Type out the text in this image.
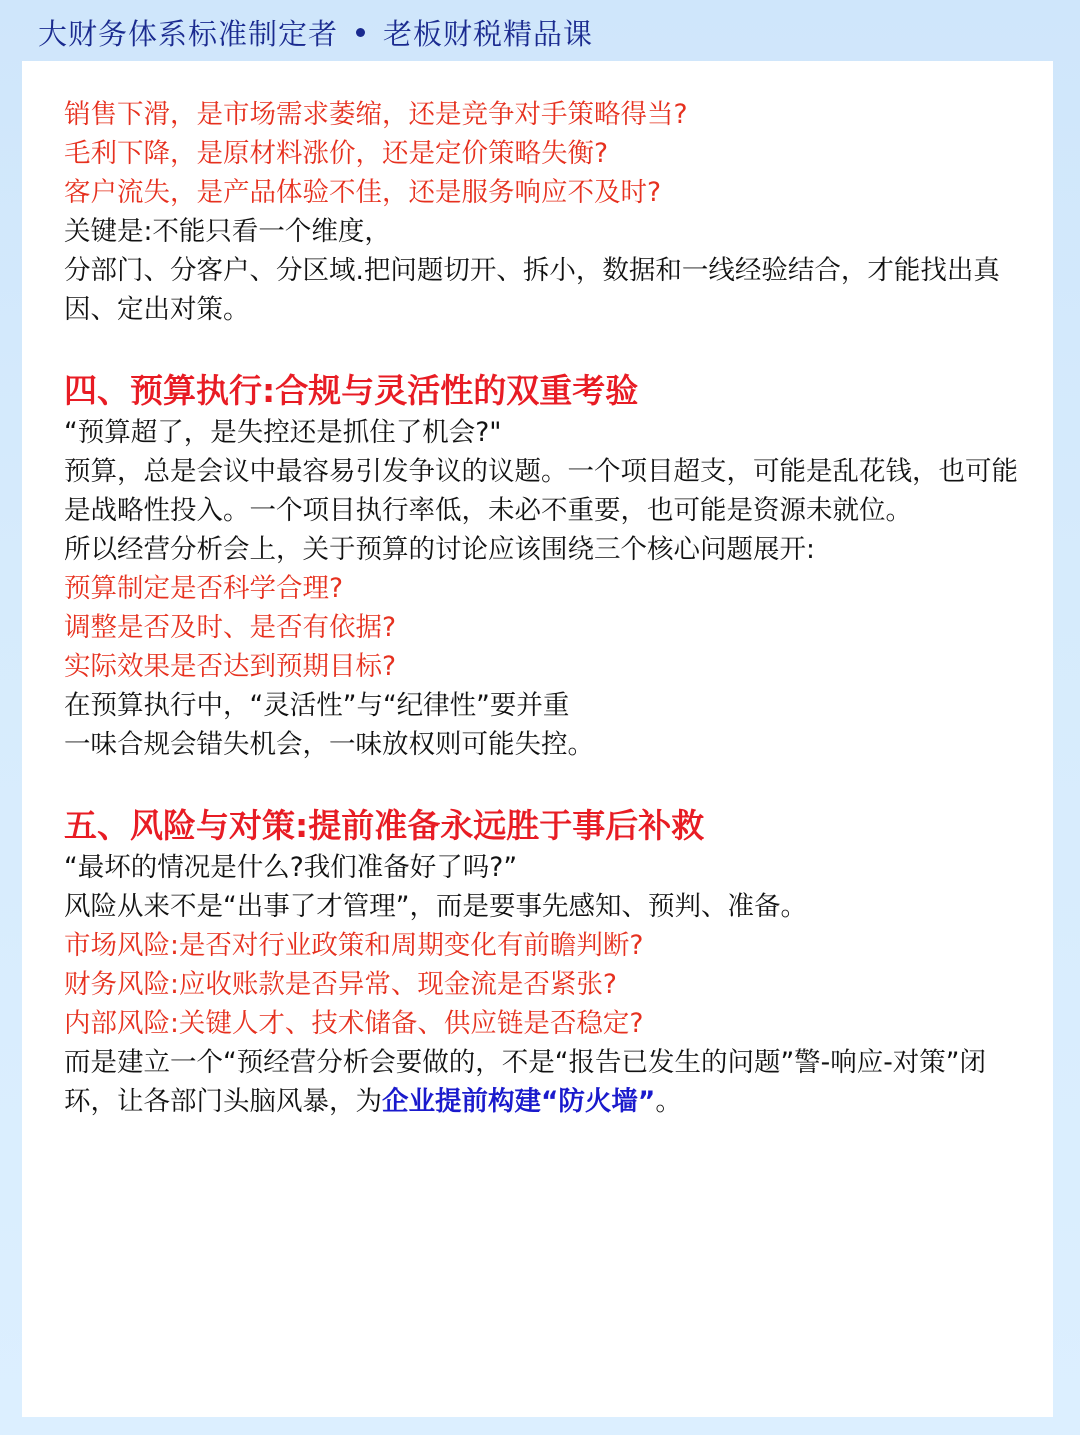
大财务体系标准制定者 老板财税精品课
销售下滑，是市场需求萎缩，还是竞争对手策略得当?
毛利下降，是原材料涨价，还是定价策略失衡?
客户流失，是产品体验不佳，还是服务响应不及时?
关键是:不能只看一个维度，
分部门、分客户、分区域.把问题切开、拆小，数据和一线经验结合，才能找出真因、定出对策。
四、预算执行:合规与灵活性的双重考验
“预算超了，是失控还是抓住了机会?"
预算，总是会议中最容易引发争议的议题。一个项目超支，可能是乱花钱，也可能是战略性投入。一个项目执行率低，未必不重要，也可能是资源未就位。
所以经营分析会上，关于预算的讨论应该围绕三个核心问题展开:
预算制定是否科学合理?
调整是否及时、是否有依据?
实际效果是否达到预期目标?
在预算执行中，“灵活性”与“纪律性”要并重
一味合规会错失机会，一味放权则可能失控。
五、风险与对策:提前准备永远胜于事后补救
“最坏的情况是什么?我们准备好了吗?”
风险从来不是“出事了才管理”，而是要事先感知、预判、准备。
市场风险:是否对行业政策和周期变化有前瞻判断?
财务风险:应收账款是否异常、现金流是否紧张?
内部风险:关键人才、技术储备、供应链是否稳定?
而是建立一个“预经营分析会要做的，不是“报告已发生的问题”警-响应-对策”闭环，让各部门头脑风暴，为企业提前构建“防火墙”。
